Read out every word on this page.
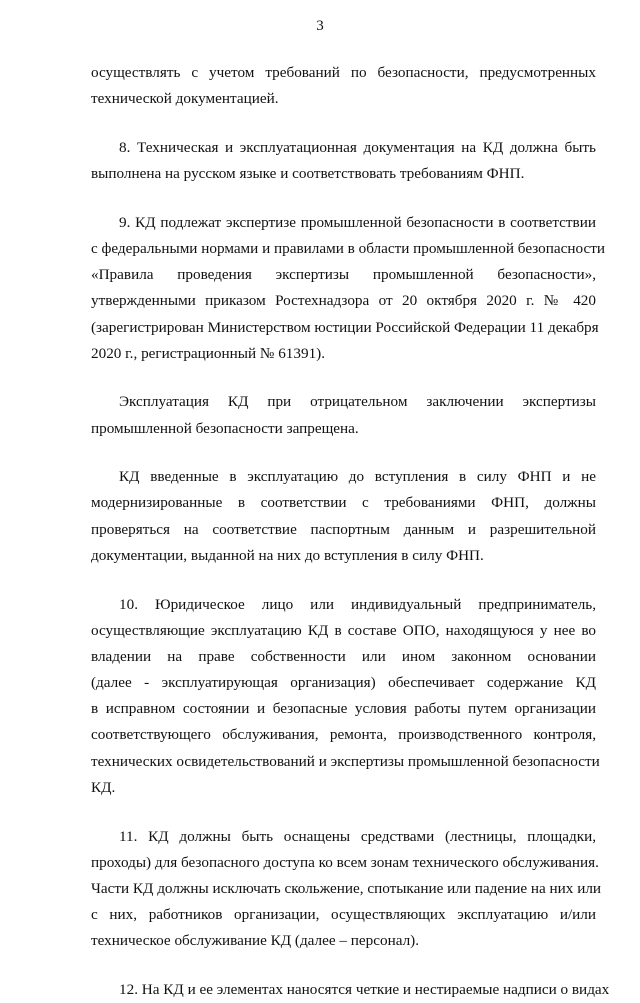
3
осуществлять с учетом требований по безопасности, предусмотренных
технической документацией.
8. Техническая и эксплуатационная документация на КД должна быть
выполнена на русском языке и соответствовать требованиям ФНП.
9. КД подлежат экспертизе промышленной безопасности в соответствии
с федеральными нормами и правилами в области промышленной безопасности
«Правила проведения экспертизы промышленной безопасности»,
утвержденными приказом Ростехнадзора от 20 октября 2020 г. № 420
(зарегистрирован Министерством юстиции Российской Федерации 11 декабря
2020 г., регистрационный № 61391).
Эксплуатация КД при отрицательном заключении экспертизы
промышленной безопасности запрещена.
КД введенные в эксплуатацию до вступления в силу ФНП и не
модернизированные в соответствии с требованиями ФНП, должны
проверяться на соответствие паспортным данным и разрешительной
документации, выданной на них до вступления в силу ФНП.
10. Юридическое лицо или индивидуальный предприниматель,
осуществляющие эксплуатацию КД в составе ОПО, находящуюся у нее во
владении на праве собственности или ином законном основании
(далее - эксплуатирующая организация) обеспечивает содержание КД
в исправном состоянии и безопасные условия работы путем организации
соответствующего обслуживания, ремонта, производственного контроля,
технических освидетельствований и экспертизы промышленной безопасности
КД.
11. КД должны быть оснащены средствами (лестницы, площадки,
проходы) для безопасного доступа ко всем зонам технического обслуживания.
Части КД должны исключать скольжение, спотыкание или падение на них или
с них, работников организации, осуществляющих эксплуатацию и/или
техническое обслуживание КД (далее – персонал).
12. На КД и ее элементах наносятся четкие и нестираемые надписи о видах
